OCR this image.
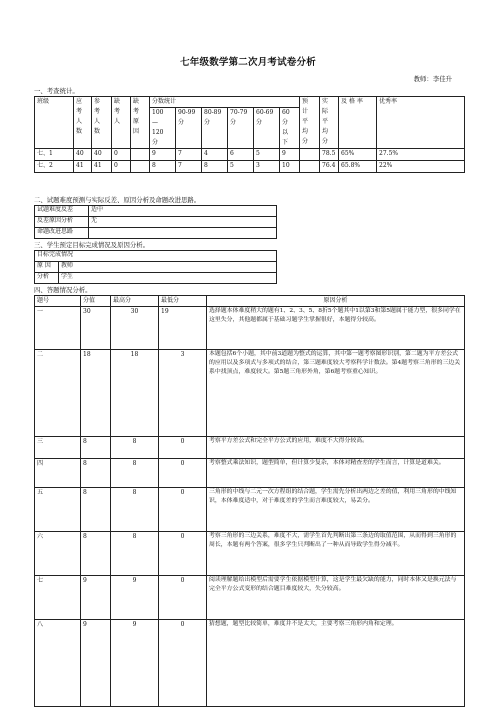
七年级数学第二次月考试卷分析
教师：李佳升
一、考查统计。
班级	应
考
人
数	参
考
人
数	缺
考
人	缺
考
原
因	分数统计						预
计
平
均
分	实
际
平
均
分	及 格 率	优秀率

					100
—
120
分	90-99
分	80-89
分	70-79
分	60-69
分	60
分
以
下				

七、1	40	40	0		9	7	4	6	5	9		78.5	65%	27.5%
七、2	41	41	0		8	7	8	5	3	10		76.4	65.8%	22%
二、试题难度预测与实际反差、原因分析及命题改进思路。
试题难度反差	适中
反差原因分析	无
命题改进思路	
三、学生预定目标完成情况及原因分析。
目标完成情况	
原 因	教师
分析	学生
四、答题情况分析。
题号	分值	最高分	最低分	原因分析
一	30	30	19	选择题本体难度稍大的题有1、2、3、5、8折5个题其中1以第3和第5题属于能力型，很多同学在这里失分，其他题都属于基础习题学生掌握很好，本题得分较高。
二	18	18	3	本题包括6个小题，其中前3道题为整式的运算，其中第一题考察图形识别，第二题为平方差公式的应用以及多项式与多项式的结合，第三题难度较大考察科学计数法。第4题考察三角形的三边关系中找顶点，难度较大。第5题三角形外角，第6题考察重心知识。
三	8	8	0	考察平方差公式和完全平方公式的应用，难度不大得分较高。
四	8	8	0	考察整式乘法知识，题型简单，但计算少复杂，本体对精查差的学生而言，计算是道难关。
五	8	8	0	三角形的中线与二元一次方程组的结合题，学生需先分析出两边之差的值，利用三角形的中线知识，本体难度适中，对于难度差的学生而言难度较大，易丢分。
六	8	8	0	考察三角形的三边关系，难度不大，需学生首先判断出第三条边的取值范围，从而得到三角形的周长，本题有两个答案，很多学生只判断出了一种从而导致学生得分减半。
七	9	9	0	阅读理解题给出模型后需要学生依据模型计算，这是学生最欠缺的能力，同时本体又是换元法与完全平方公式变形的结合题目难度较大，失分较高。
八	9	9	0	猜想题，题型比较简单，难度并不是太大，主要考察三角形内角和定理。
